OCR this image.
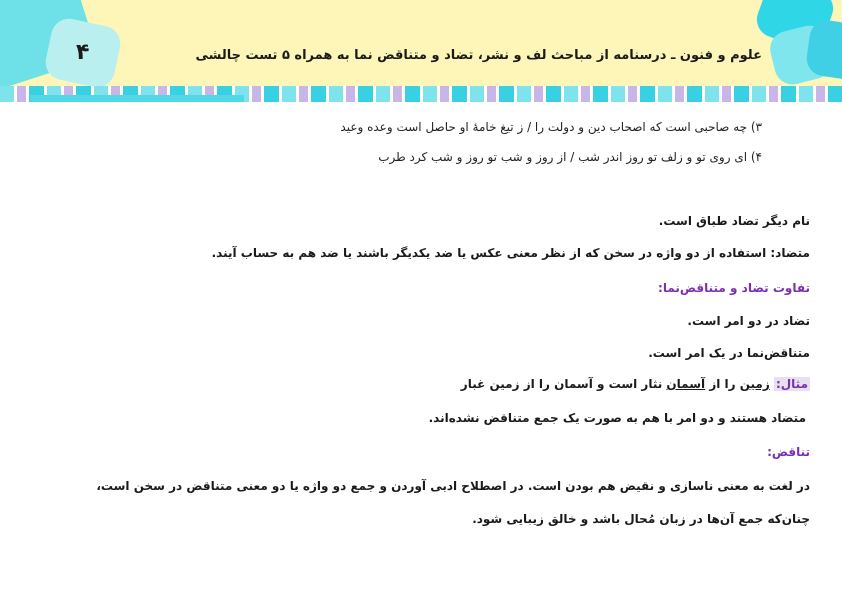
۴	علوم و فنون ـ درسنامه از مباحث لف و نشر، تضاد و متناقض نما به همراه ۵ تست چالشی
۳) چه صاحبی است که اصحاب دین و دولت را / ز تیغ خامهٔ او حاصل است وعده وعید
۴) ای روی تو و زلف تو روز اندر شب / از روز و شب تو روز و شب کرد طرب
نام دیگر تضاد طباق است.
متضاد: استفاده از دو واژه در سخن که از نظر معنی عکس یا ضد یکدیگر باشند یا ضد هم به حساب آیند.
تفاوت تضاد و متناقض‌نما:
تضاد در دو امر است.
متناقض‌نما در یک امر است.
مثال: زمین را از آسمان نثار است و آسمان را از زمین غبار
متضاد هستند و دو امر با هم به صورت یک جمع متناقض نشده‌اند.
تناقض:
در لغت به معنی ناسازی و نقیض هم بودن است. در اصطلاح ادبی آوردن و جمع دو واژه یا دو معنی متناقض در سخن است،
چنان‌که جمع آن‌ها در زبان مُحال باشد و خالق زیبایی شود.
